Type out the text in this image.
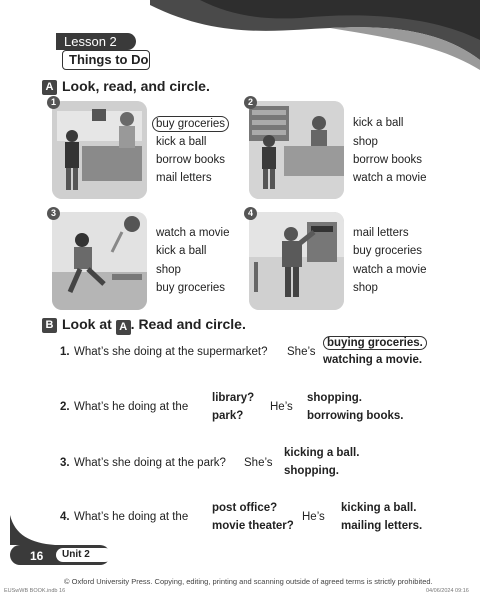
Lesson 2
Things to Do
A Look, read, and circle.
1
buy groceries
kick a ball
borrow books
mail letters
2
kick a ball
shop
borrow books
watch a movie
3
watch a movie
kick a ball
shop
buy groceries
4
mail letters
buy groceries
watch a movie
shop
B Look at A . Read and circle.
1. What’s she doing at the supermarket? She’s
buying groceries.
watching a movie.
2. What’s he doing at the
library?
park?
He’s
shopping.
borrowing books.
3. What’s she doing at the park? She’s
kicking a ball.
shopping.
4. What’s he doing at the
post office?
movie theater?
He’s
kicking a ball.
mailing letters.
16	Unit 2
© Oxford University Press. Copying, editing, printing and scanning outside of agreed terms is strictly prohibited.
EUSwWB BOOK.indb 16	04/06/2024 09:16
